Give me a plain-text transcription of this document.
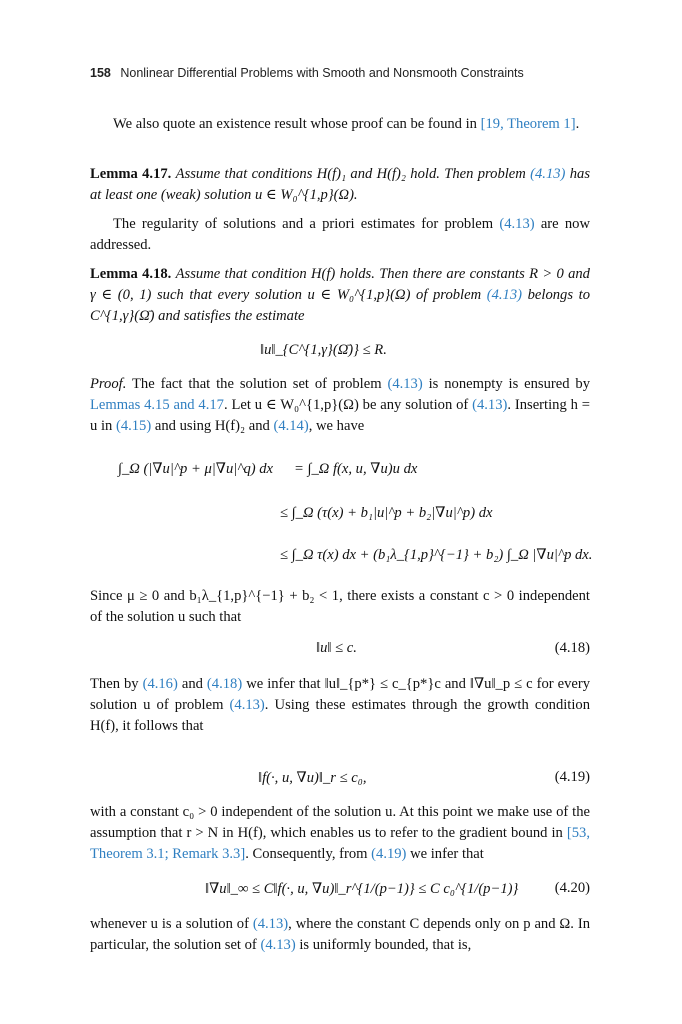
158 Nonlinear Differential Problems with Smooth and Nonsmooth Constraints

We also quote an existence result whose proof can be found in [19, Theorem 1].

Lemma 4.17. Assume that conditions H(f)₁ and H(f)₂ hold. Then problem (4.13) has at least one (weak) solution u ∈ W₀^{1,p}(Ω).

The regularity of solutions and a priori estimates for problem (4.13) are now addressed.

Lemma 4.18. Assume that condition H(f) holds. Then there are constants R > 0 and γ ∈ (0, 1) such that every solution u ∈ W₀^{1,p}(Ω) of problem (4.13) belongs to C^{1,γ}(Ω̄) and satisfies the estimate

‖u‖_{C^{1,γ}(Ω̄)} ≤ R.

Proof. The fact that the solution set of problem (4.13) is nonempty is ensured by Lemmas 4.15 and 4.17. Let u ∈ W₀^{1,p}(Ω) be any solution of (4.13). Inserting h = u in (4.15) and using H(f)₂ and (4.14), we have

∫_Ω (|∇u|^p + μ|∇u|^q) dx = ∫_Ω f(x, u, ∇u)u dx
≤ ∫_Ω (τ(x) + b₁|u|^p + b₂|∇u|^p) dx
≤ ∫_Ω τ(x) dx + (b₁λ_{1,p}^{−1} + b₂) ∫_Ω |∇u|^p dx.

Since μ ≥ 0 and b₁λ_{1,p}^{−1} + b₂ < 1, there exists a constant c > 0 independent of the solution u such that

‖u‖ ≤ c.	(4.18)

Then by (4.16) and (4.18) we infer that ‖u‖_{p*} ≤ c_{p*}c and ‖∇u‖_p ≤ c for every solution u of problem (4.13). Using these estimates through the growth condition H(f), it follows that

‖f(·, u, ∇u)‖_r ≤ c₀,	(4.19)

with a constant c₀ > 0 independent of the solution u. At this point we make use of the assumption that r > N in H(f), which enables us to refer to the gradient bound in [53, Theorem 3.1; Remark 3.3]. Consequently, from (4.19) we infer that

‖∇u‖_∞ ≤ C‖f(·, u, ∇u)‖_r^{1/(p−1)} ≤ C c₀^{1/(p−1)} (4.20)

whenever u is a solution of (4.13), where the constant C depends only on p and Ω. In particular, the solution set of (4.13) is uniformly bounded, that is,
